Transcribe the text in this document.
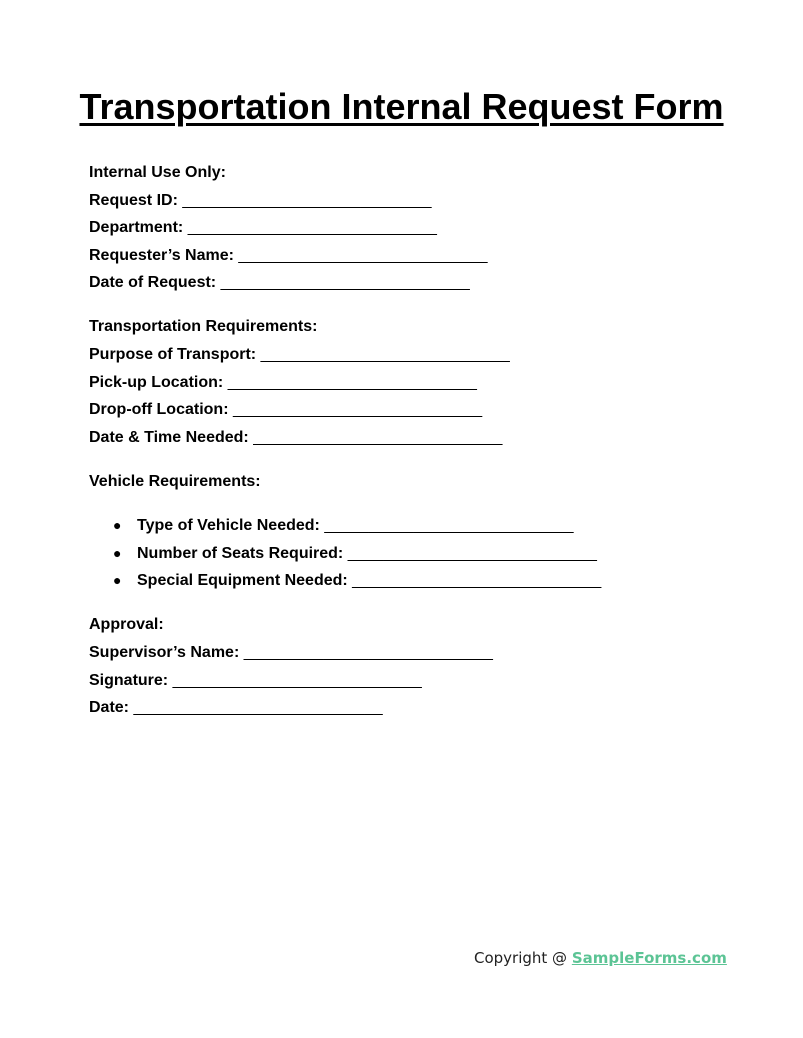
Transportation Internal Request Form
Internal Use Only:
Request ID: ____________________________
Department: ____________________________
Requester’s Name: ____________________________
Date of Request: ____________________________
Transportation Requirements:
Purpose of Transport: ____________________________
Pick-up Location: ____________________________
Drop-off Location: ____________________________
Date & Time Needed: ____________________________
Vehicle Requirements:
● Type of Vehicle Needed: ____________________________
● Number of Seats Required: ____________________________
● Special Equipment Needed: ____________________________
Approval:
Supervisor’s Name: ____________________________
Signature: ____________________________
Date: ____________________________
Copyright @ SampleForms.com
